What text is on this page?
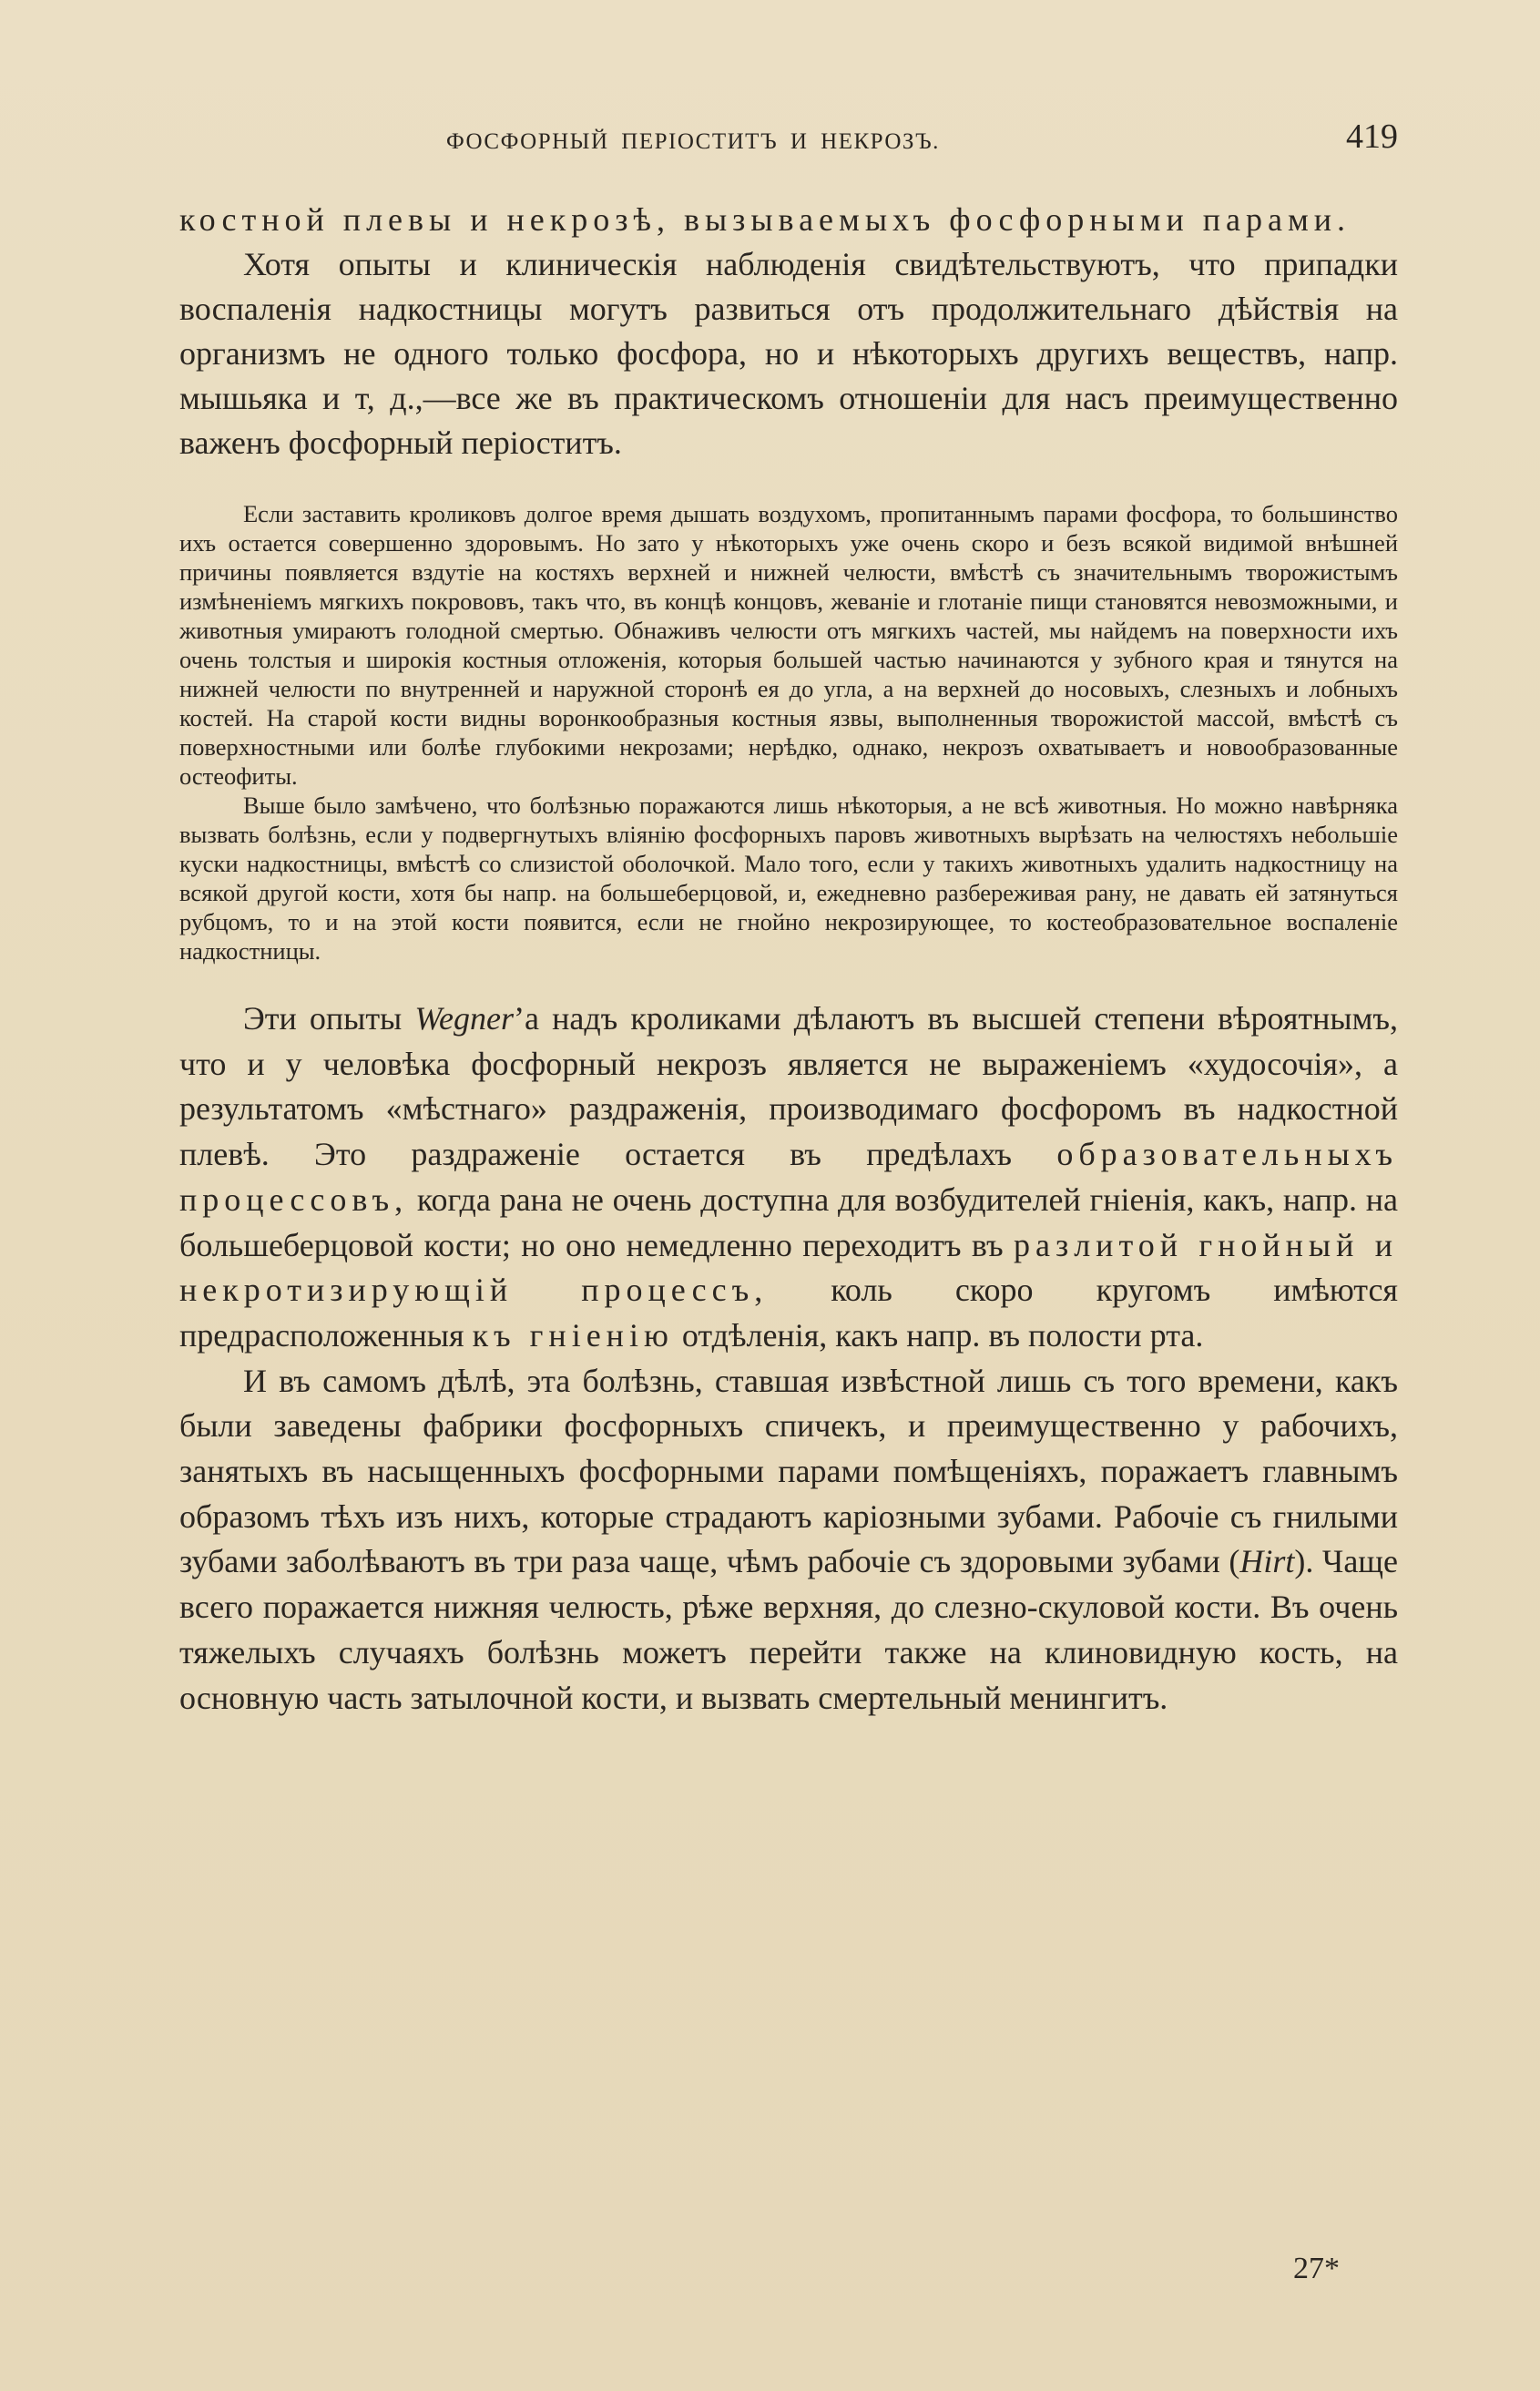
ФОСФОРНЫЙ ПЕРІОСТИТЪ И НЕКРОЗЪ.	419

костной плевы и некрозѣ, вызываемыхъ фосфорными парами.

Хотя опыты и клиническія наблюденія свидѣтельствуютъ, что припадки воспаленія надкостницы могутъ развиться отъ продолжительнаго дѣйствія на организмъ не одного только фосфора, но и нѣкоторыхъ другихъ веществъ, напр. мышьяка и т, д.,—все же въ практическомъ отношеніи для насъ преимущественно важенъ фосфорный періоститъ.

Если заставить кроликовъ долгое время дышать воздухомъ, пропитаннымъ парами фосфора, то большинство ихъ остается совершенно здоровымъ. Но зато у нѣкоторыхъ уже очень скоро и безъ всякой видимой внѣшней причины появляется вздутіе на костяхъ верхней и нижней челюсти, вмѣстѣ съ значительнымъ творожистымъ измѣненіемъ мягкихъ покрововъ, такъ что, въ концѣ концовъ, жеваніе и глотаніе пищи становятся невозможными, и животныя умираютъ голодной смертью. Обнаживъ челюсти отъ мягкихъ частей, мы найдемъ на поверхности ихъ очень толстыя и широкія костныя отложенія, которыя большей частью начинаются у зубного края и тянутся на нижней челюсти по внутренней и наружной сторонѣ ея до угла, а на верхней до носовыхъ, слезныхъ и лобныхъ костей. На старой кости видны воронкообразныя костныя язвы, выполненныя творожистой массой, вмѣстѣ съ поверхностными или болѣе глубокими некрозами; нерѣдко, однако, некрозъ охватываетъ и новообразованные остеофиты.

Выше было замѣчено, что болѣзнью поражаются лишь нѣкоторыя, а не всѣ животныя. Но можно навѣрняка вызвать болѣзнь, если у подвергнутыхъ вліянію фосфорныхъ паровъ животныхъ вырѣзать на челюстяхъ небольшіе куски надкостницы, вмѣстѣ со слизистой оболочкой. Мало того, если у такихъ животныхъ удалить надкостницу на всякой другой кости, хотя бы напр. на большеберцовой, и, ежедневно разбереживая рану, не давать ей затянуться рубцомъ, то и на этой кости появится, если не гнойно некрозирующее, то костеобразовательное воспаленіе надкостницы.

Эти опыты Wegner’а надъ кроликами дѣлаютъ въ высшей степени вѣроятнымъ, что и у человѣка фосфорный некрозъ является не выраженіемъ «худосочія», а результатомъ «мѣстнаго» раздраженія, производимаго фосфоромъ въ надкостной плевѣ. Это раздраженіе остается въ предѣлахъ образовательныхъ процессовъ, когда рана не очень доступна для возбудителей гніенія, какъ, напр. на большеберцовой кости; но оно немедленно переходитъ въ разлитой гнойный и некротизирующій процессъ, коль скоро кругомъ имѣются предрасположенныя къ гніенію отдѣленія, какъ напр. въ полости рта.

И въ самомъ дѣлѣ, эта болѣзнь, ставшая извѣстной лишь съ того времени, какъ были заведены фабрики фосфорныхъ спичекъ, и преимущественно у рабочихъ, занятыхъ въ насыщенныхъ фосфорными парами помѣщеніяхъ, поражаетъ главнымъ образомъ тѣхъ изъ нихъ, которые страдаютъ каріозными зубами. Рабочіе съ гнилыми зубами заболѣваютъ въ три раза чаще, чѣмъ рабочіе съ здоровыми зубами (Hirt). Чаще всего поражается нижняя челюсть, рѣже верхняя, до слезно-скуловой кости. Въ очень тяжелыхъ случаяхъ болѣзнь можетъ перейти также на клиновидную кость, на основную часть затылочной кости, и вызвать смертельный менингитъ.

27*
